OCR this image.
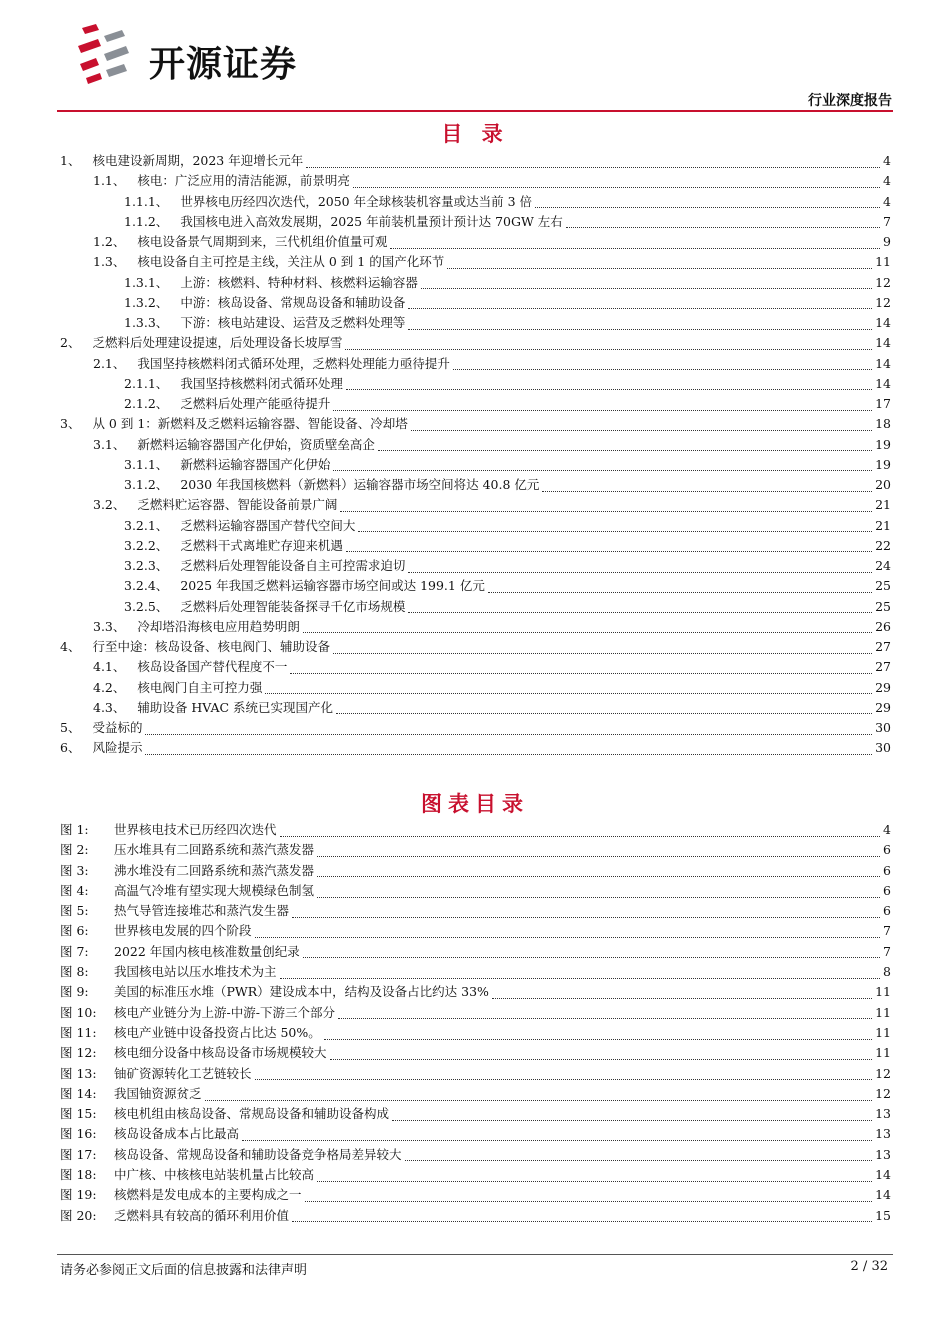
开源证券
行业深度报告
目 录
1、 核电建设新周期，2023 年迎增长元年	4
1.1、 核电：广泛应用的清洁能源，前景明亮	4
1.1.1、 世界核电历经四次迭代，2050 年全球核装机容量或达当前 3 倍	4
1.1.2、 我国核电进入高效发展期，2025 年前装机量预计预计达 70GW 左右	7
1.2、 核电设备景气周期到来，三代机组价值量可观	9
1.3、 核电设备自主可控是主线，关注从 0 到 1 的国产化环节	11
1.3.1、 上游：核燃料、特种材料、核燃料运输容器	12
1.3.2、 中游：核岛设备、常规岛设备和辅助设备	12
1.3.3、 下游：核电站建设、运营及乏燃料处理等	14
2、 乏燃料后处理建设提速，后处理设备长坡厚雪	14
2.1、 我国坚持核燃料闭式循环处理，乏燃料处理能力亟待提升	14
2.1.1、 我国坚持核燃料闭式循环处理	14
2.1.2、 乏燃料后处理产能亟待提升	17
3、 从 0 到 1：新燃料及乏燃料运输容器、智能设备、冷却塔	18
3.1、 新燃料运输容器国产化伊始，资质壁垒高企	19
3.1.1、 新燃料运输容器国产化伊始	19
3.1.2、 2030 年我国核燃料（新燃料）运输容器市场空间将达 40.8 亿元	20
3.2、 乏燃料贮运容器、智能设备前景广阔	21
3.2.1、 乏燃料运输容器国产替代空间大	21
3.2.2、 乏燃料干式离堆贮存迎来机遇	22
3.2.3、 乏燃料后处理智能设备自主可控需求迫切	24
3.2.4、 2025 年我国乏燃料运输容器市场空间或达 199.1 亿元	25
3.2.5、 乏燃料后处理智能装备探寻千亿市场规模	25
3.3、 冷却塔沿海核电应用趋势明朗	26
4、 行至中途：核岛设备、核电阀门、辅助设备	27
4.1、 核岛设备国产替代程度不一	27
4.2、 核电阀门自主可控力强	29
4.3、 辅助设备 HVAC 系统已实现国产化	29
5、 受益标的	30
6、 风险提示	30
图表目录
图 1:	世界核电技术已历经四次迭代	4
图 2:	压水堆具有二回路系统和蒸汽蒸发器	6
图 3:	沸水堆没有二回路系统和蒸汽蒸发器	6
图 4:	高温气冷堆有望实现大规模绿色制氢	6
图 5:	热气导管连接堆芯和蒸汽发生器	6
图 6:	世界核电发展的四个阶段	7
图 7:	2022 年国内核电核准数量创纪录	7
图 8:	我国核电站以压水堆技术为主	8
图 9:	美国的标准压水堆（PWR）建设成本中，结构及设备占比约达 33%	11
图 10:	核电产业链分为上游-中游-下游三个部分	11
图 11:	核电产业链中设备投资占比达 50%。	11
图 12:	核电细分设备中核岛设备市场规模较大	11
图 13:	铀矿资源转化工艺链较长	12
图 14:	我国铀资源贫乏	12
图 15:	核电机组由核岛设备、常规岛设备和辅助设备构成	13
图 16:	核岛设备成本占比最高	13
图 17:	核岛设备、常规岛设备和辅助设备竞争格局差异较大	13
图 18:	中广核、中核核电站装机量占比较高	14
图 19:	核燃料是发电成本的主要构成之一	14
图 20:	乏燃料具有较高的循环利用价值	15
请务必参阅正文后面的信息披露和法律声明	2 / 32
